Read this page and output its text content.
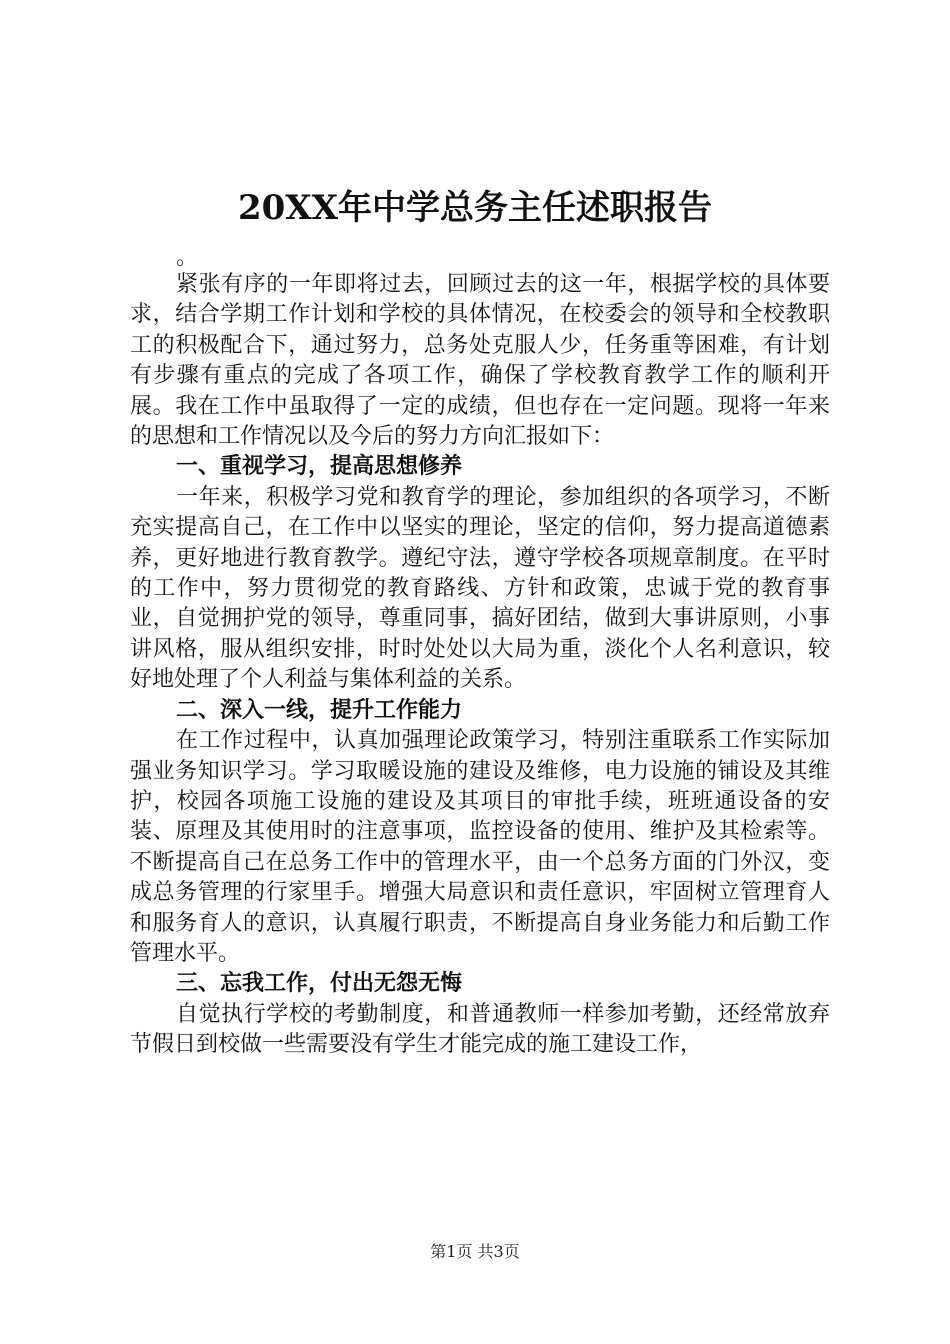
20XX年中学总务主任述职报告
。

紧张有序的一年即将过去，回顾过去的这一年，根据学校的具体要求，结合学期工作计划和学校的具体情况，在校委会的领导和全校教职工的积极配合下，通过努力，总务处克服人少，任务重等困难，有计划有步骤有重点的完成了各项工作，确保了学校教育教学工作的顺利开展。我在工作中虽取得了一定的成绩，但也存在一定问题。现将一年来的思想和工作情况以及今后的努力方向汇报如下：

一、重视学习，提高思想修养

一年来，积极学习党和教育学的理论，参加组织的各项学习，不断充实提高自己，在工作中以坚实的理论，坚定的信仰，努力提高道德素养，更好地进行教育教学。遵纪守法，遵守学校各项规章制度。在平时的工作中，努力贯彻党的教育路线、方针和政策，忠诚于党的教育事业，自觉拥护党的领导，尊重同事，搞好团结，做到大事讲原则，小事讲风格，服从组织安排，时时处处以大局为重，淡化个人名利意识，较好地处理了个人利益与集体利益的关系。

二、深入一线，提升工作能力

在工作过程中，认真加强理论政策学习，特别注重联系工作实际加强业务知识学习。学习取暖设施的建设及维修，电力设施的铺设及其维护，校园各项施工设施的建设及其项目的审批手续，班班通设备的安装、原理及其使用时的注意事项，监控设备的使用、维护及其检索等。不断提高自己在总务工作中的管理水平，由一个总务方面的门外汉，变成总务管理的行家里手。增强大局意识和责任意识，牢固树立管理育人和服务育人的意识，认真履行职责，不断提高自身业务能力和后勤工作管理水平。

三、忘我工作，付出无怨无悔

自觉执行学校的考勤制度，和普通教师一样参加考勤，还经常放弃节假日到校做一些需要没有学生才能完成的施工建设工作，

第1页 共3页
